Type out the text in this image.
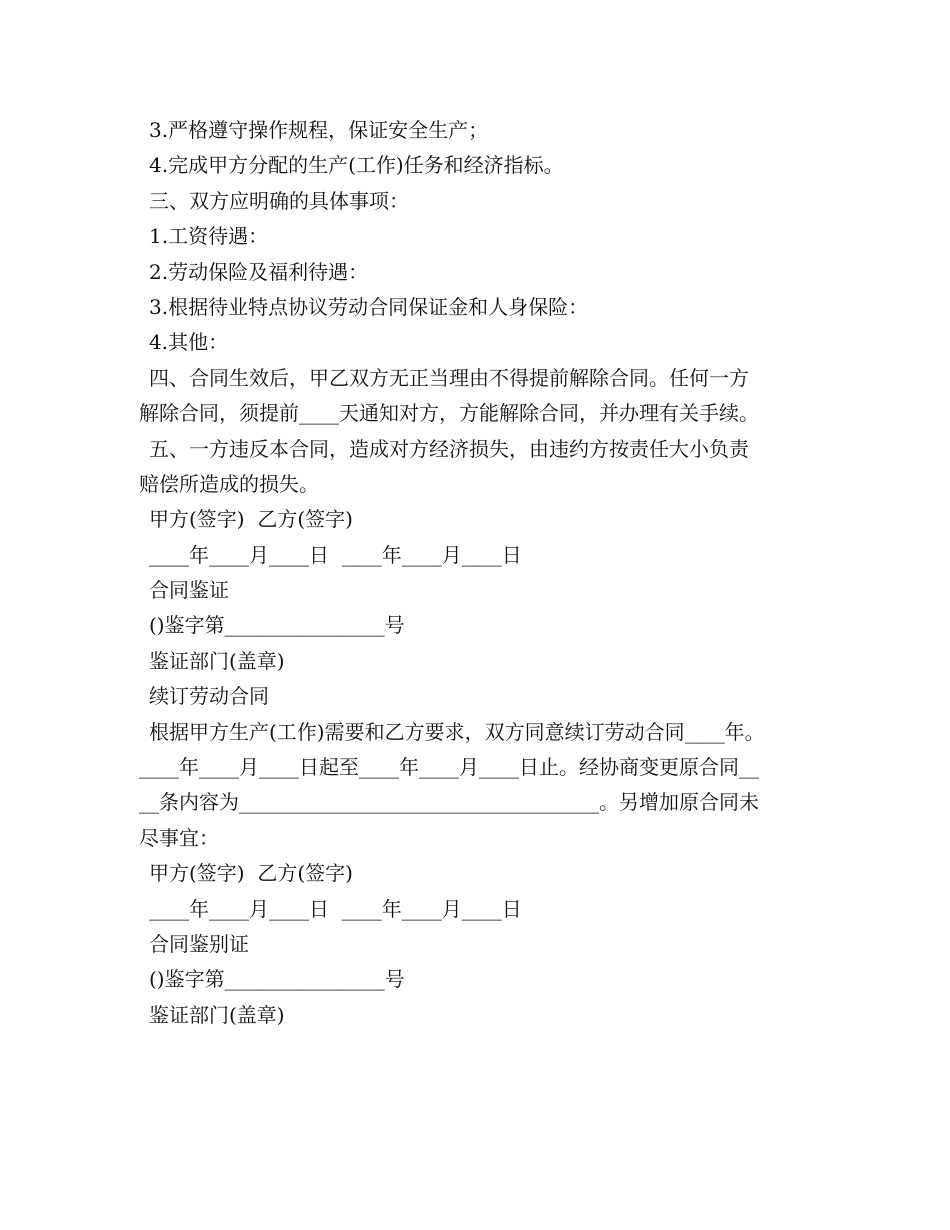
3.严格遵守操作规程，保证安全生产；
4.完成甲方分配的生产(工作)任务和经济指标。
三、双方应明确的具体事项：
1.工资待遇：
2.劳动保险及福利待遇：
3.根据待业特点协议劳动合同保证金和人身保险：
4.其他：
四、合同生效后，甲乙双方无正当理由不得提前解除合同。任何一方
解除合同，须提前____天通知对方，方能解除合同，并办理有关手续。
五、一方违反本合同，造成对方经济损失，由违约方按责任大小负责
赔偿所造成的损失。
甲方(签字)  乙方(签字)
____年____月____日  ____年____月____日
合同鉴证
()鉴字第________________号
鉴证部门(盖章)
续订劳动合同
根据甲方生产(工作)需要和乙方要求，双方同意续订劳动合同____年。
____年____月____日起至____年____月____日止。经协商变更原合同__
__条内容为____________________________________。另增加原合同未
尽事宜：
甲方(签字)  乙方(签字)
____年____月____日  ____年____月____日
合同鉴别证
()鉴字第________________号
鉴证部门(盖章)
